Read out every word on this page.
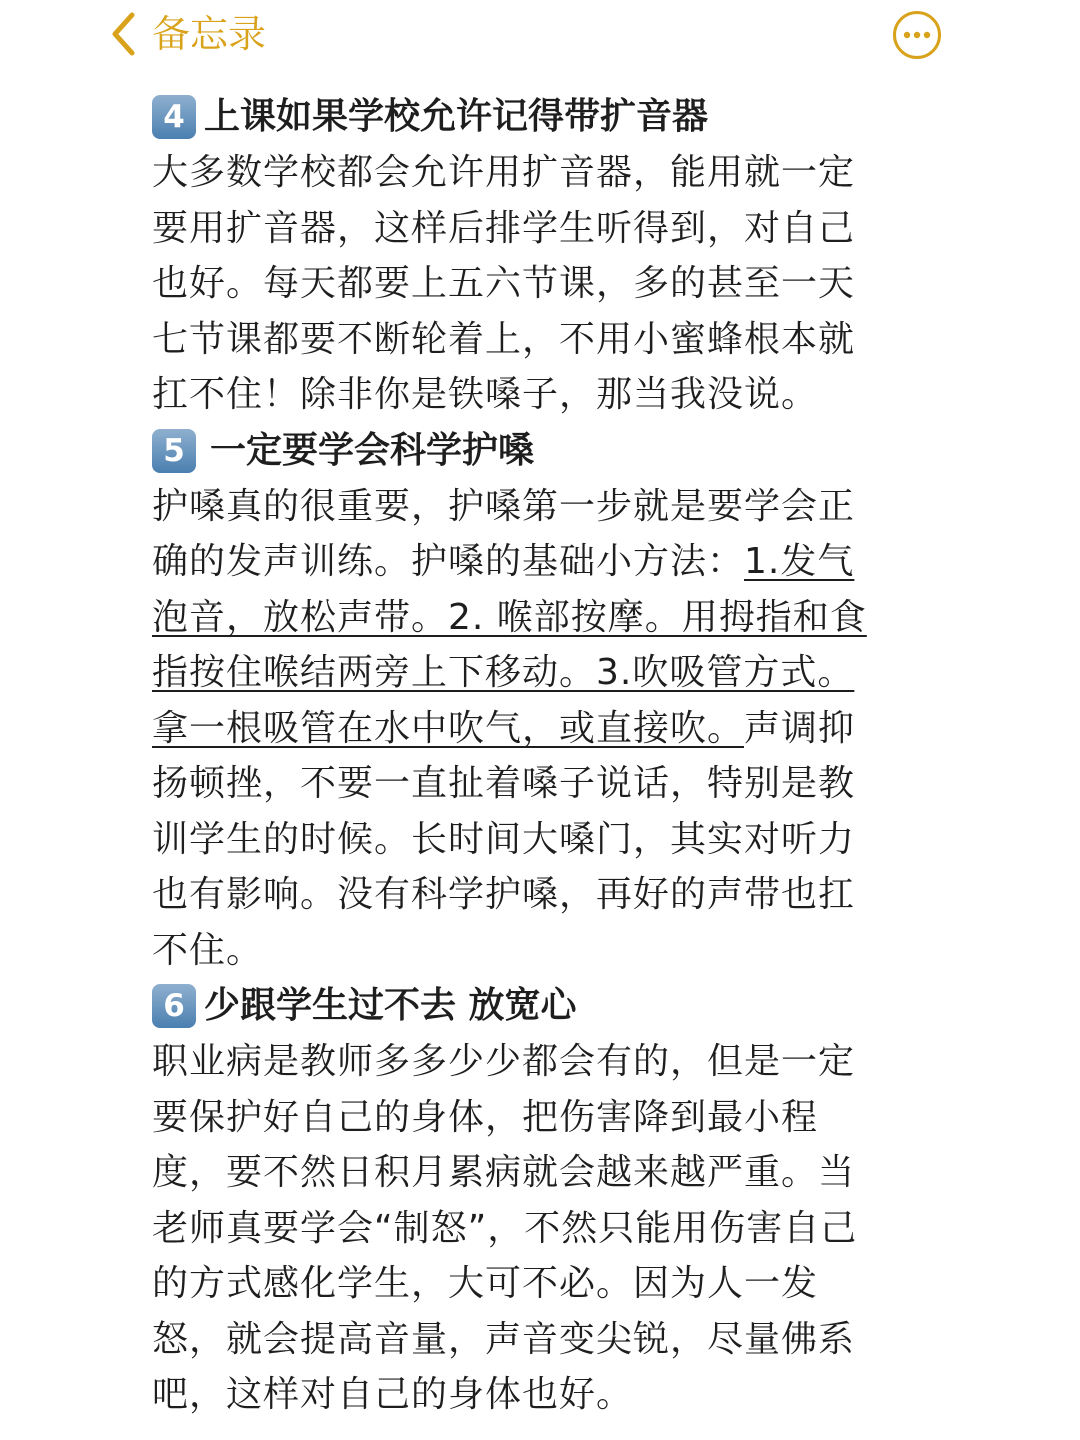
备忘录
4 上课如果学校允许记得带扩音器

大多数学校都会允许用扩音器，能用就一定
要用扩音器，这样后排学生听得到，对自己
也好。每天都要上五六节课，多的甚至一天
七节课都要不断轮着上，不用小蜜蜂根本就
扛不住！除非你是铁嗓子，那当我没说。

5 一定要学会科学护嗓

护嗓真的很重要，护嗓第一步就是要学会正
确的发声训练。护嗓的基础小方法：1.发气
泡音，放松声带。2. 喉部按摩。用拇指和食
指按住喉结两旁上下移动。3.吹吸管方式。
拿一根吸管在水中吹气，或直接吹。声调抑
扬顿挫，不要一直扯着嗓子说话，特别是教
训学生的时候。长时间大嗓门，其实对听力
也有影响。没有科学护嗓，再好的声带也扛
不住。

6 少跟学生过不去 放宽心

职业病是教师多多少少都会有的，但是一定
要保护好自己的身体，把伤害降到最小程
度，要不然日积月累病就会越来越严重。当
老师真要学会“制怒”，不然只能用伤害自己
的方式感化学生，大可不必。因为人一发
怒，就会提高音量，声音变尖锐，尽量佛系
吧，这样对自己的身体也好。
